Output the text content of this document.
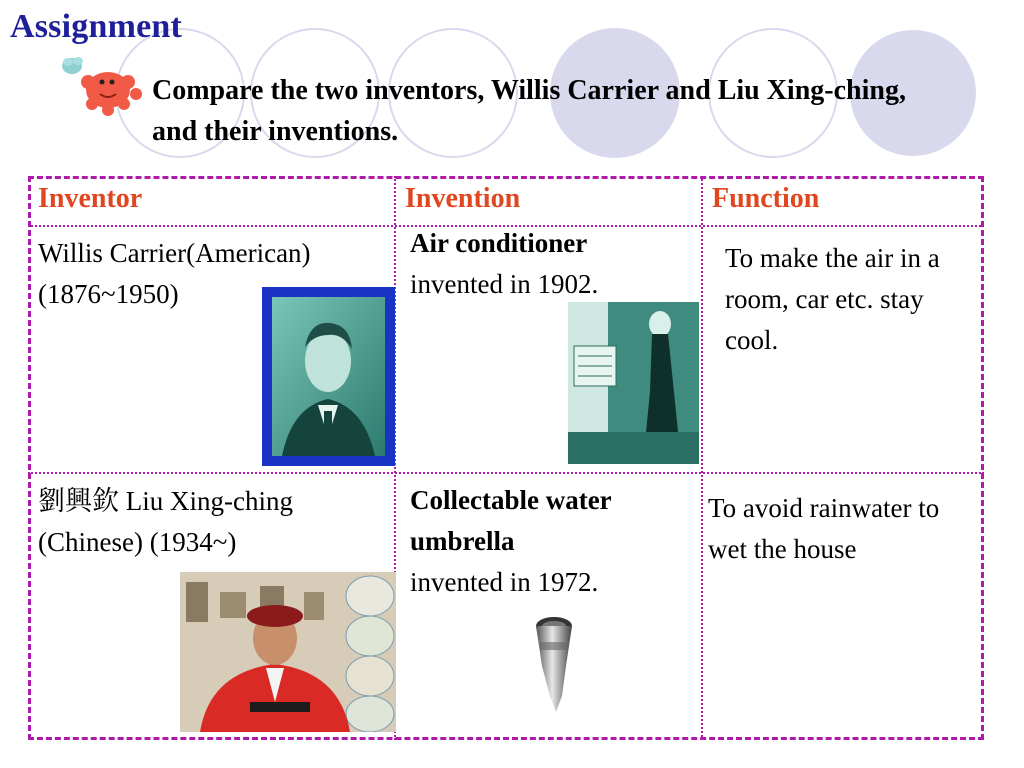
Assignment
Compare the two inventors, Willis Carrier and Liu Xing-ching, and their inventions.
Inventor	Invention	Function
Willis Carrier(American)
(1876~1950)
Air conditioner
invented in 1902.
To make the air in a room, car etc. stay cool.
劉興欽 Liu Xing-ching
(Chinese) (1934~)
Collectable water
umbrella
invented in 1972.
To avoid rainwater to wet the house
